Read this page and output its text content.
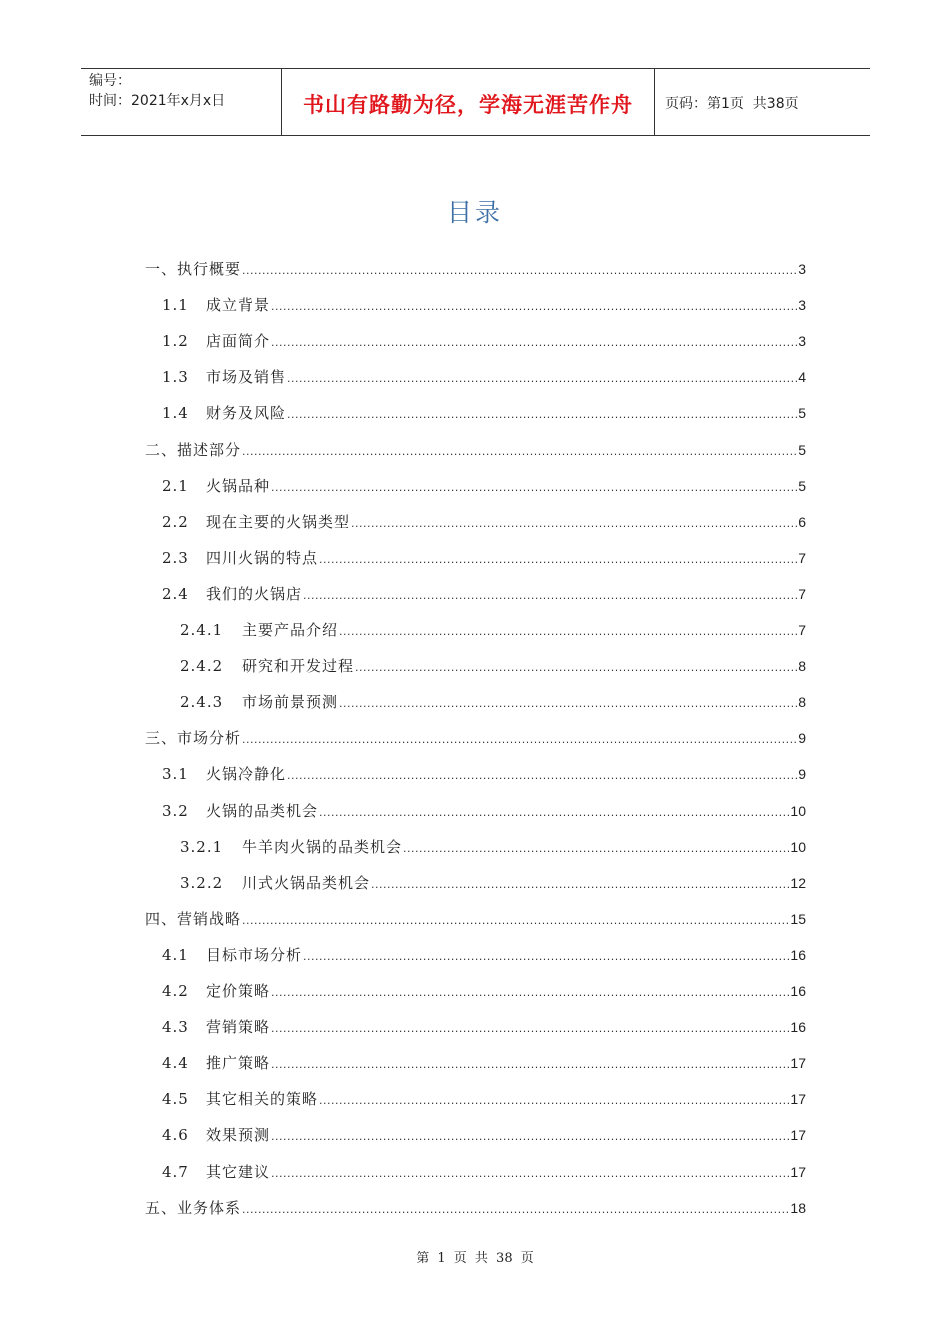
编号：
时间：2021年x月x日	书山有路勤为径，学海无涯苦作舟 页码：第1页  共38页
目录
一、 执行概要 .....	3
1.1	成立背景 .....	3
1.2	店面简介 .....	3
1.3	市场及销售 .....	4
1.4	财务及风险 .....	5
二、 描述部分 .....	5
2.1	火锅品种 .....	5
2.2	现在主要的火锅类型 .....	6
2.3	四川火锅的特点 .....	7
2.4	我们的火锅店 .....	7
2.4.1	主要产品介绍 .....	7
2.4.2	研究和开发过程 .....	8
2.4.3	市场前景预测 .....	8
三、 市场分析 .....	9
3.1	火锅冷静化 .....	9
3.2	火锅的品类机会 .....	10
3.2.1	牛羊肉火锅的品类机会 .....	10
3.2.2	川式火锅品类机会 .....	12
四、 营销战略 .....	15
4.1	目标市场分析 .....	16
4.2	定价策略 .....	16
4.3	营销策略 .....	16
4.4	推广策略 .....	17
4.5	其它相关的策略 .....	17
4.6	效果预测 .....	17
4.7	其它建议 .....	17
五、 业务体系 .....	18
第 1 页 共 38 页
